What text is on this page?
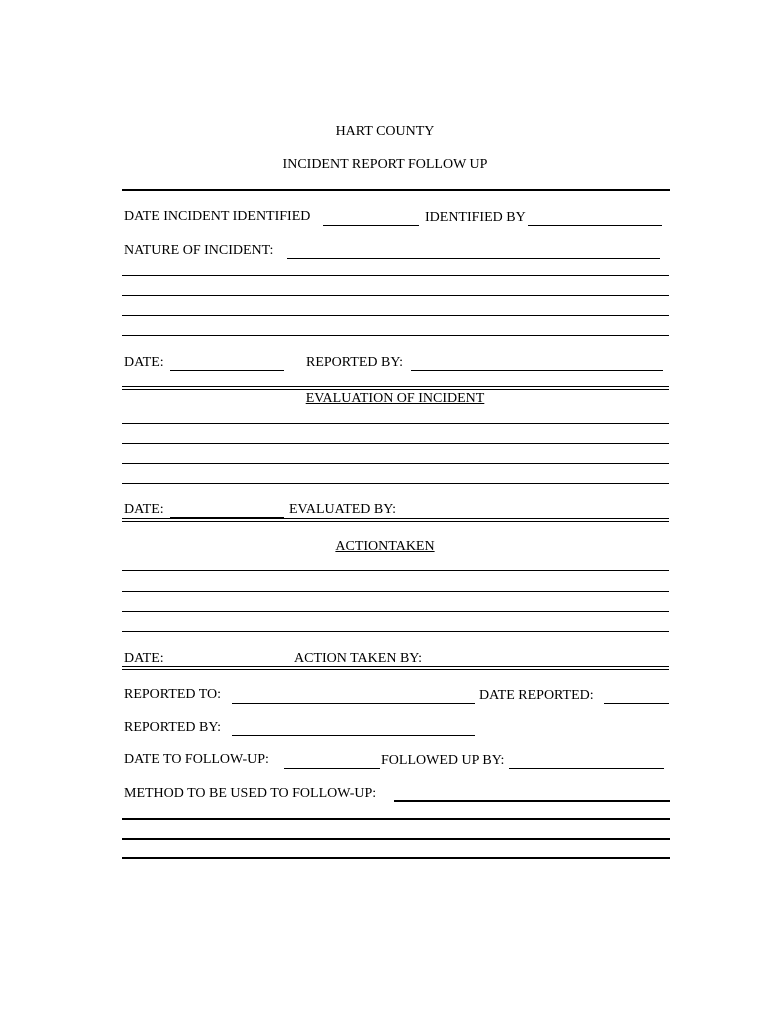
HART COUNTY
INCIDENT REPORT FOLLOW UP
DATE INCIDENT IDENTIFIED	IDENTIFIED BY
NATURE OF INCIDENT:
DATE:	REPORTED BY:
EVALUATION OF INCIDENT
DATE:	EVALUATED BY:
ACTIONTAKEN
DATE:	ACTION TAKEN BY:
REPORTED TO:	DATE REPORTED:
REPORTED BY:
DATE TO FOLLOW-UP:	FOLLOWED UP BY:
METHOD TO BE USED TO FOLLOW-UP:
